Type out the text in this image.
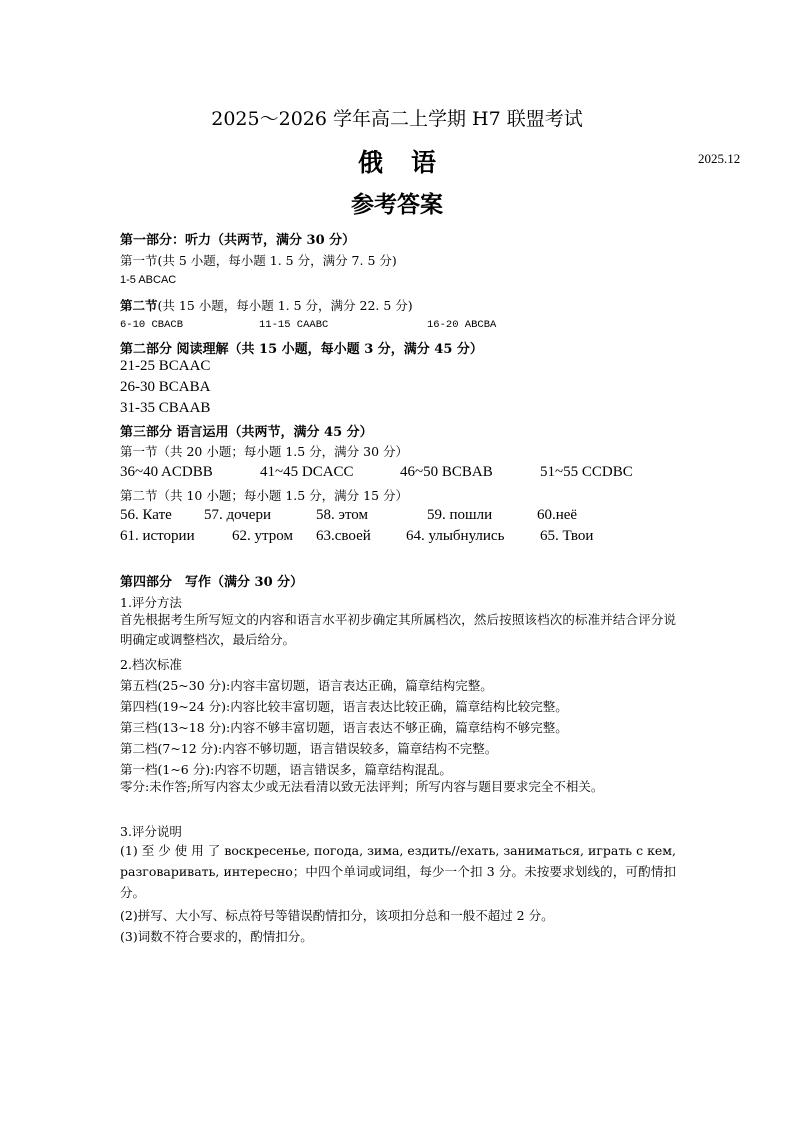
2025～2026 学年高二上学期 H7 联盟考试
俄语	2025.12
参考答案
第一部分：听力（共两节，满分 30 分）
第一节(共 5 小题，每小题 1. 5 分，满分 7. 5 分)
1-5 ABCAC
第二节(共 15 小题，每小题 1. 5 分，满分 22. 5 分)
6-10 CBACB	11-15 CAABC	16-20 ABCBA
第二部分 阅读理解（共 15 小题，每小题 3 分，满分 45 分）
21-25 BCAAC
26-30 BCABA
31-35 CBAAB
第三部分 语言运用（共两节，满分 45 分）
第一节（共 20 小题；每小题 1.5 分，满分 30 分）
36~40 ACDBB	41~45 DCACC	46~50 BCBAB	51~55 CCDBC
第二节（共 10 小题；每小题 1.5 分，满分 15 分）
56. Кате 57. дочери	58. этом	59. пошли	60.неё
61. истории 62. утром 63.своей 64. улыбнулись 65. Твои
第四部分　写作（满分 30 分）
1.评分方法
首先根据考生所写短文的内容和语言水平初步确定其所属档次，然后按照该档次的标准并结合评分说明确定或调整档次，最后给分。
2.档次标准
第五档(25~30 分):内容丰富切题，语言表达正确，篇章结构完整。
第四档(19~24 分):内容比较丰富切题，语言表达比较正确，篇章结构比较完整。
第三档(13~18 分):内容不够丰富切题，语言表达不够正确，篇章结构不够完整。
第二档(7~12 分):内容不够切题，语言错误较多，篇章结构不完整。
第一档(1~6 分):内容不切题，语言错误多，篇章结构混乱。
零分:未作答;所写内容太少或无法看清以致无法评判；所写内容与题目要求完全不相关。
3.评分说明
(1) 至 少 使 用 了 воскресенье, погода, зима, ездить//ехать, заниматься, играть с кем, разговаривать, интересно；中四个单词或词组，每少一个扣 3 分。未按要求划线的，可酌情扣分。
(2)拼写、大小写、标点符号等错误酌情扣分，该项扣分总和一般不超过 2 分。
(3)词数不符合要求的，酌情扣分。
